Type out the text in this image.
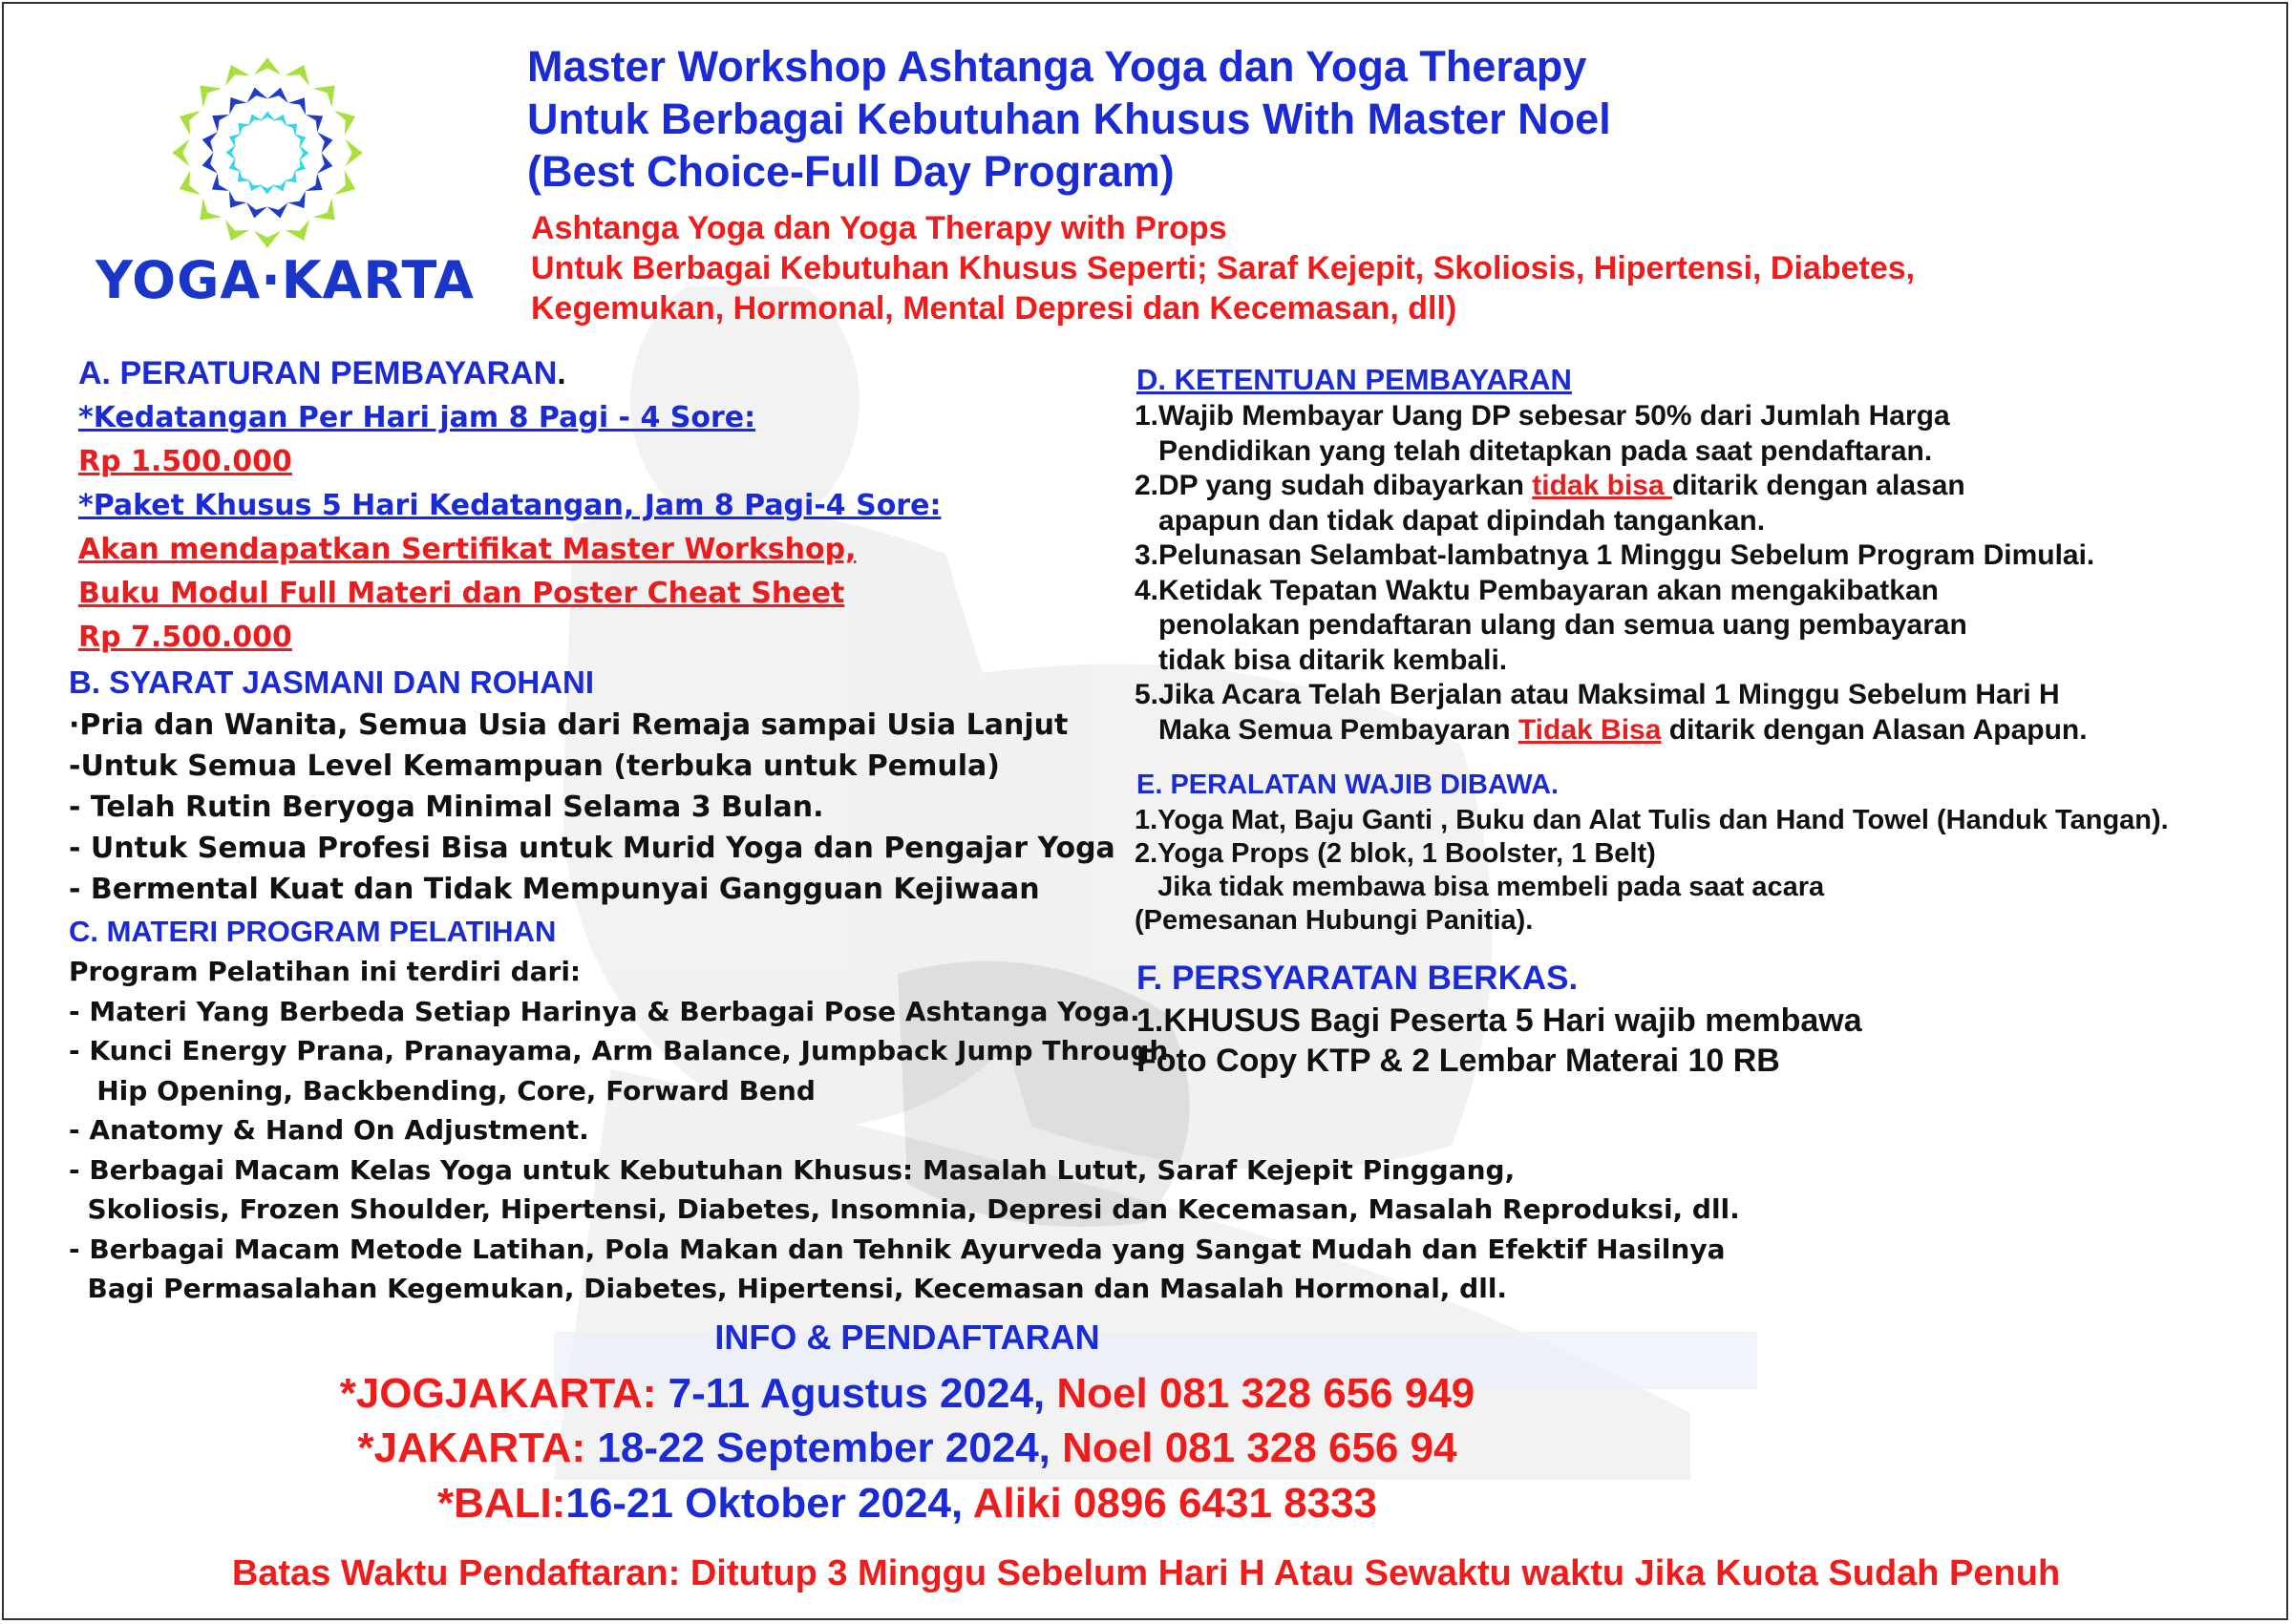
YOGA·KARTA
Master Workshop Ashtanga Yoga dan Yoga Therapy
Untuk Berbagai Kebutuhan Khusus With Master Noel
(Best Choice-Full Day Program)
Ashtanga Yoga dan Yoga Therapy with Props
Untuk Berbagai Kebutuhan Khusus Seperti; Saraf Kejepit, Skoliosis, Hipertensi, Diabetes,
Kegemukan, Hormonal, Mental Depresi dan Kecemasan, dll)
A. PERATURAN PEMBAYARAN.
*Kedatangan Per Hari jam 8 Pagi - 4 Sore:
Rp 1.500.000
*Paket Khusus 5 Hari Kedatangan, Jam 8 Pagi-4 Sore:
Akan mendapatkan Sertifikat Master Workshop,
Buku Modul Full Materi dan Poster Cheat Sheet
Rp 7.500.000
B. SYARAT JASMANI DAN ROHANI
·Pria dan Wanita, Semua Usia dari Remaja sampai Usia Lanjut
-Untuk Semua Level Kemampuan (terbuka untuk Pemula)
- Telah Rutin Beryoga Minimal Selama 3 Bulan.
- Untuk Semua Profesi Bisa untuk Murid Yoga dan Pengajar Yoga
- Bermental Kuat dan Tidak Mempunyai Gangguan Kejiwaan
C. MATERI PROGRAM PELATIHAN
Program Pelatihan ini terdiri dari:
- Materi Yang Berbeda Setiap Harinya & Berbagai Pose Ashtanga Yoga.
- Kunci Energy Prana, Pranayama, Arm Balance, Jumpback Jump Through
Hip Opening, Backbending, Core, Forward Bend
- Anatomy & Hand On Adjustment.
- Berbagai Macam Kelas Yoga untuk Kebutuhan Khusus: Masalah Lutut, Saraf Kejepit Pinggang,
Skoliosis, Frozen Shoulder, Hipertensi, Diabetes, Insomnia, Depresi dan Kecemasan, Masalah Reproduksi, dll.
- Berbagai Macam Metode Latihan, Pola Makan dan Tehnik Ayurveda yang Sangat Mudah dan Efektif Hasilnya
Bagi Permasalahan Kegemukan, Diabetes, Hipertensi, Kecemasan dan Masalah Hormonal, dll.
D. KETENTUAN PEMBAYARAN
1.Wajib Membayar Uang DP sebesar 50% dari Jumlah Harga
Pendidikan yang telah ditetapkan pada saat pendaftaran.
2.DP yang sudah dibayarkan tidak bisa ditarik dengan alasan
apapun dan tidak dapat dipindah tangankan.
3.Pelunasan Selambat-lambatnya 1 Minggu Sebelum Program Dimulai.
4.Ketidak Tepatan Waktu Pembayaran akan mengakibatkan
penolakan pendaftaran ulang dan semua uang pembayaran
tidak bisa ditarik kembali.
5.Jika Acara Telah Berjalan atau Maksimal 1 Minggu Sebelum Hari H
Maka Semua Pembayaran Tidak Bisa ditarik dengan Alasan Apapun.
E. PERALATAN WAJIB DIBAWA.
1.Yoga Mat, Baju Ganti , Buku dan Alat Tulis dan Hand Towel (Handuk Tangan).
2.Yoga Props (2 blok, 1 Boolster, 1 Belt)
Jika tidak membawa bisa membeli pada saat acara
(Pemesanan Hubungi Panitia).
F. PERSYARATAN BERKAS.
1.KHUSUS Bagi Peserta 5 Hari wajib membawa
Foto Copy KTP & 2 Lembar Materai 10 RB
INFO & PENDAFTARAN
*JOGJAKARTA: 7-11 Agustus 2024, Noel 081 328 656 949
*JAKARTA: 18-22 September 2024, Noel 081 328 656 94
*BALI:16-21 Oktober 2024, Aliki 0896 6431 8333
Batas Waktu Pendaftaran: Ditutup 3 Minggu Sebelum Hari H Atau Sewaktu waktu Jika Kuota Sudah Penuh
